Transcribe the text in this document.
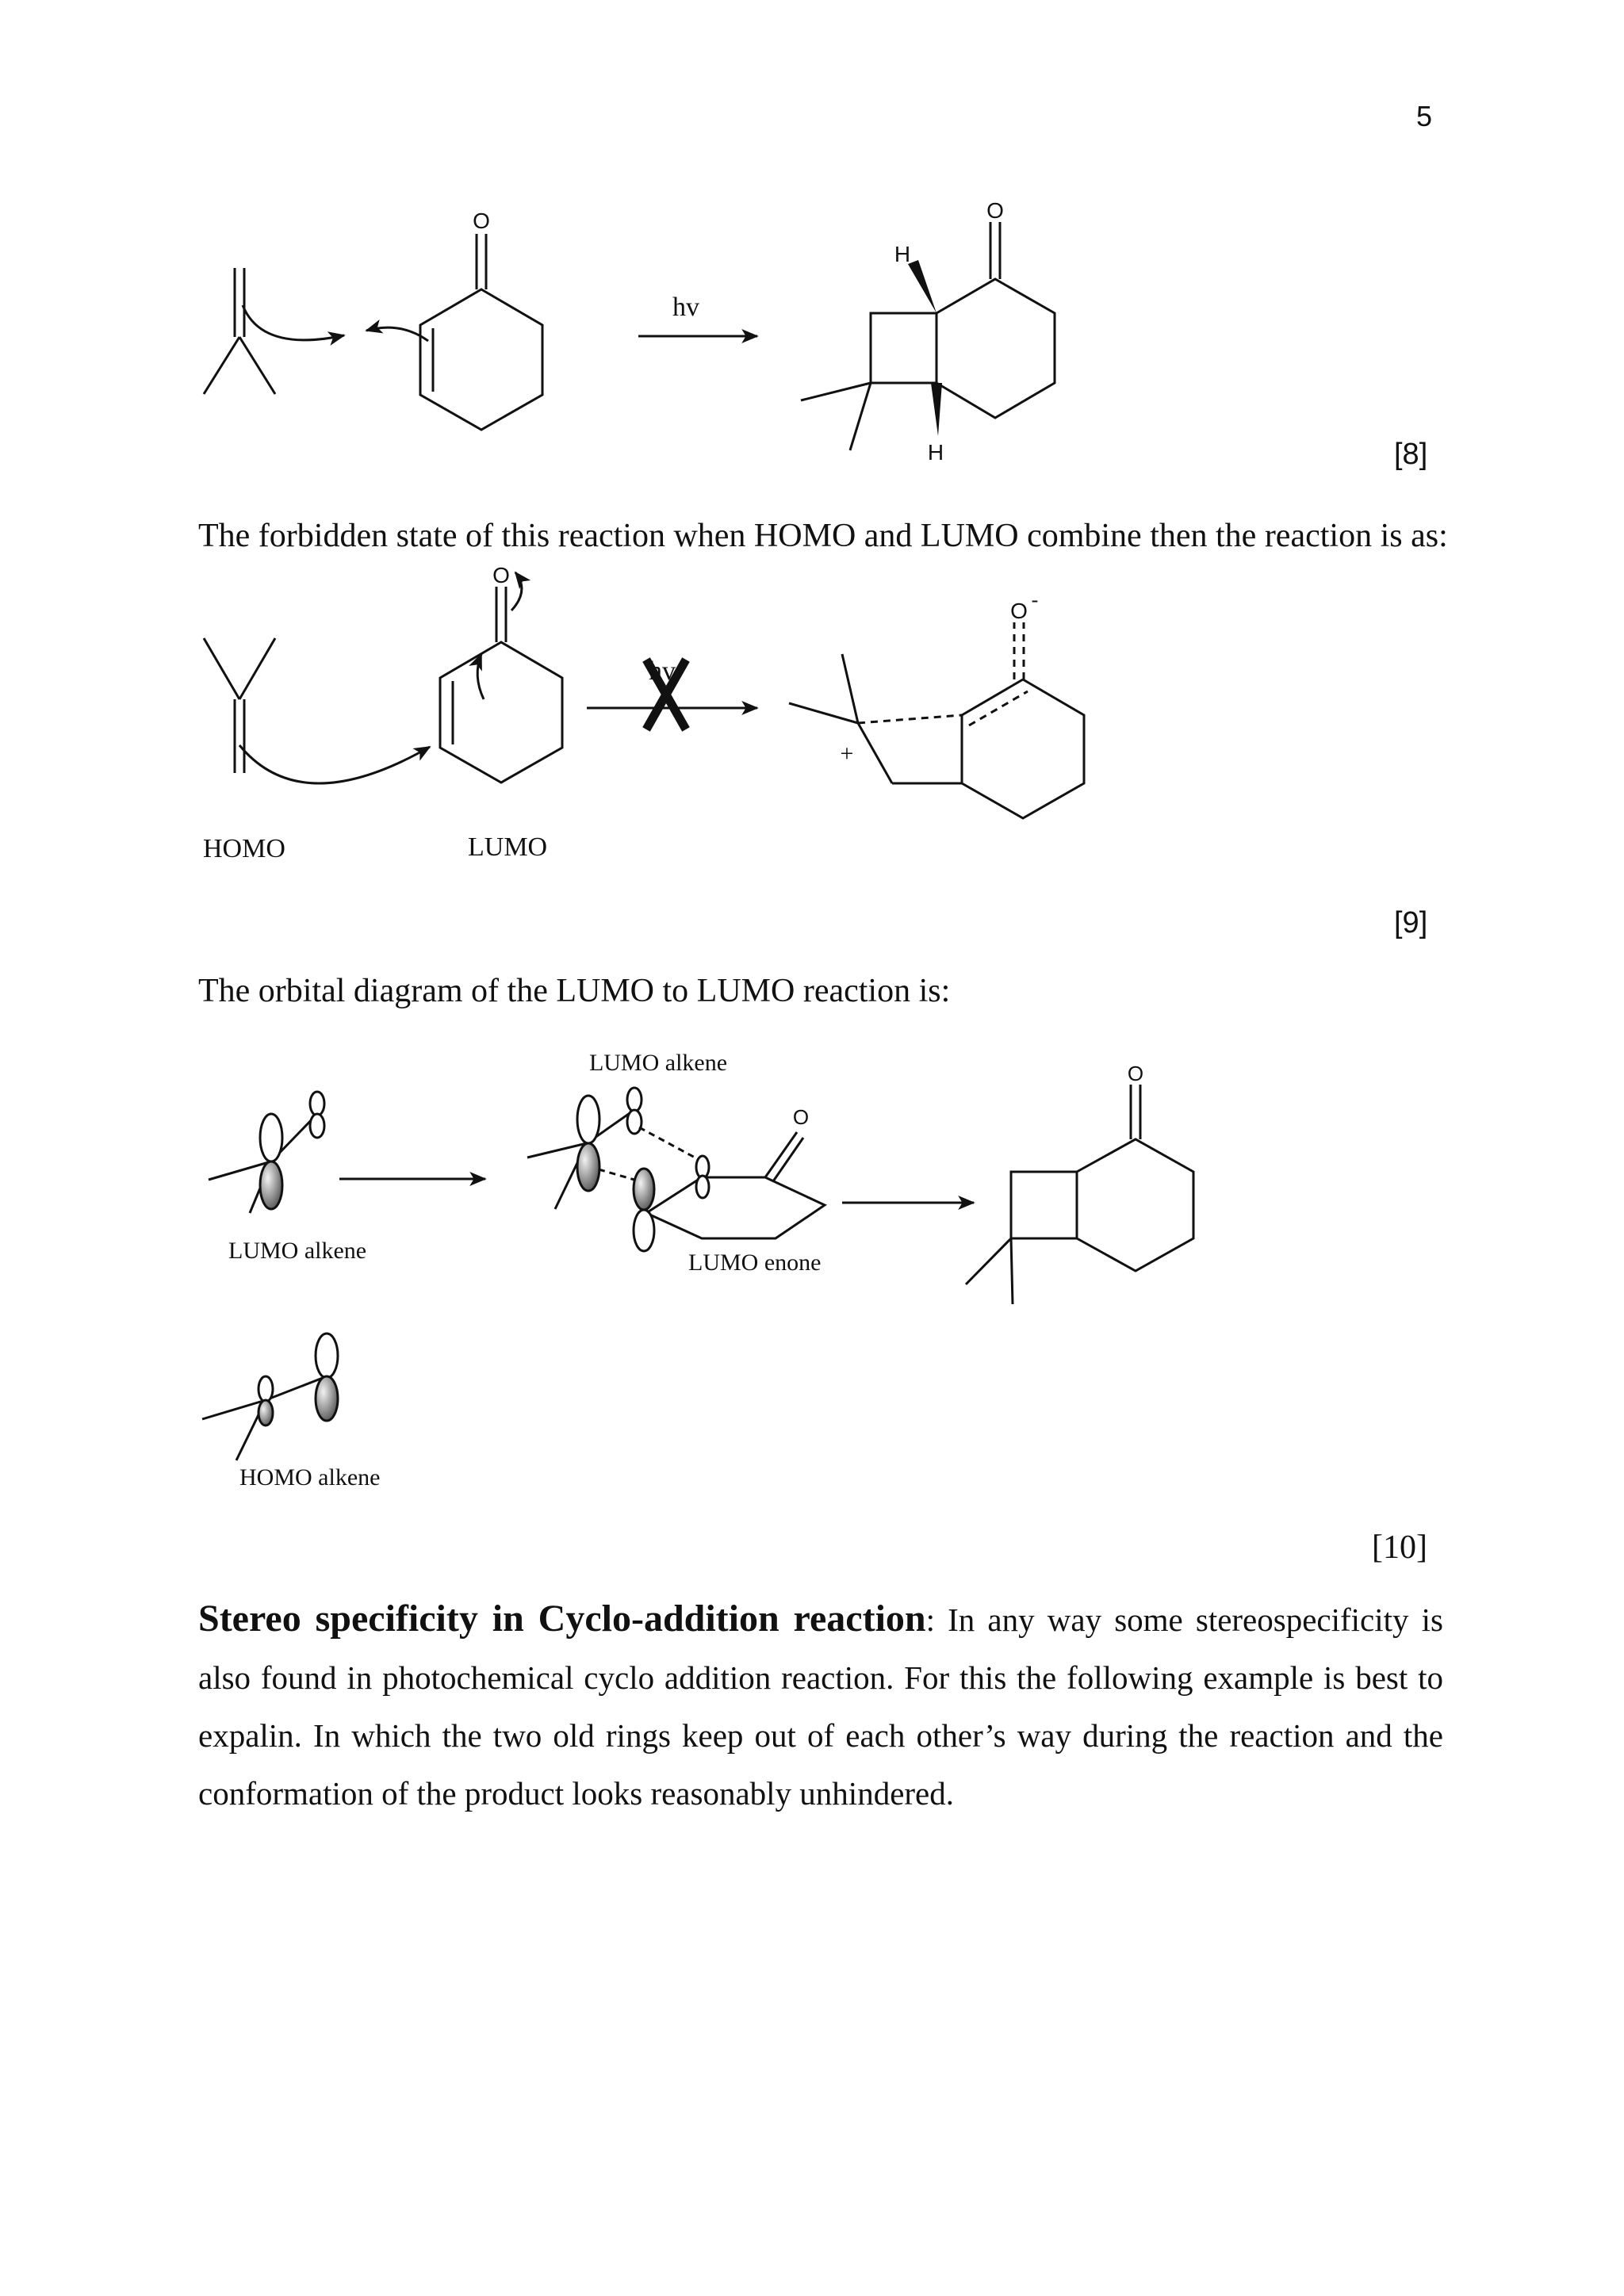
5
O	O
H
H
hv
[8]
The forbidden state of this reaction when HOMO and LUMO combine then the reaction is as:
O
O -
+
hv
HOMO	LUMO
[9]
The orbital diagram of the LUMO to LUMO reaction is:
LUMO alkene
LUMO alkene	LUMO enone
HOMO alkene
O
O
[10]
Stereo specificity in Cyclo-addition reaction: In any way some stereospecificity is also found in photochemical cyclo addition reaction. For this the following example is best to expalin. In which the two old rings keep out of each other’s way during the reaction and the conformation of the product looks reasonably unhindered.
